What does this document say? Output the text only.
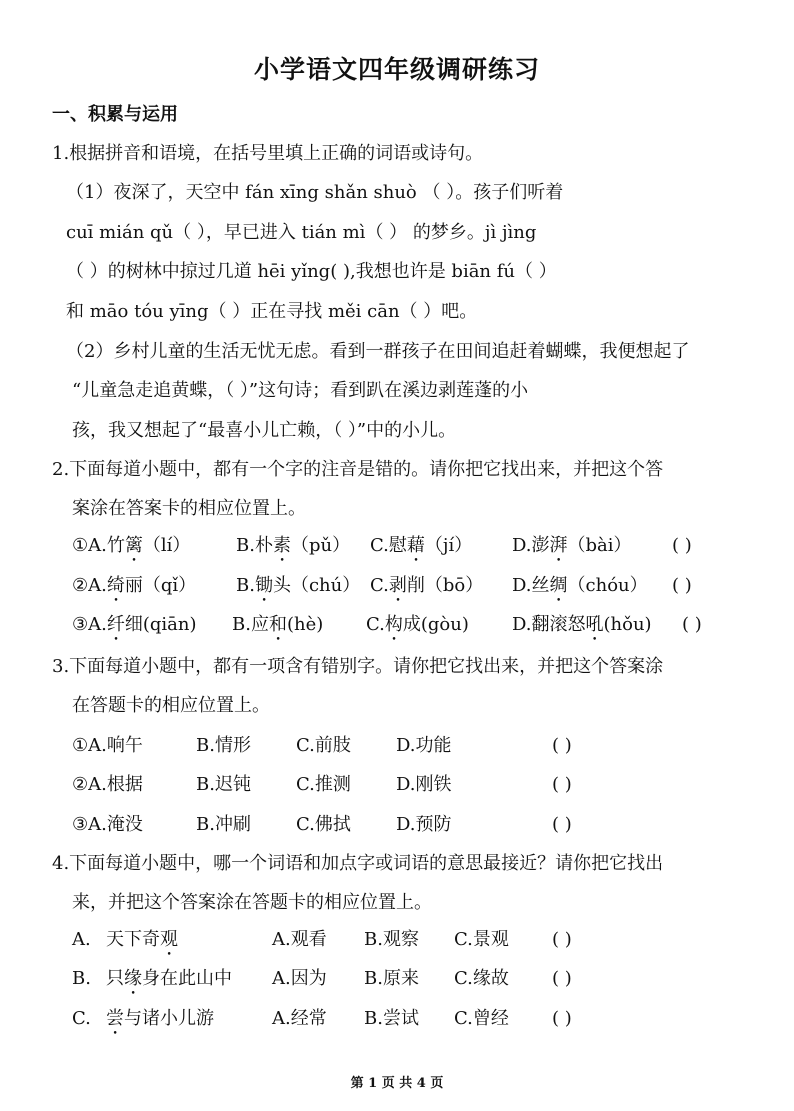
小学语文四年级调研练习
一、积累与运用
1.根据拼音和语境，在括号里填上正确的词语或诗句。
（1）夜深了，天空中 fán xīng shǎn shuò （ ）。孩子们听着
cuī mián qǔ（ ），早已进入 tián mì（ ） 的梦乡。jì jìng
（ ）的树林中掠过几道 hēi yǐng( ),我想也许是 biān fú（ ）
和 māo tóu yīng（ ）正在寻找 měi cān（ ）吧。
（2）乡村儿童的生活无忧无虑。看到一群孩子在田间追赶着蝴蝶，我便想起了
“儿童急走追黄蝶，（ ）”这句诗；看到趴在溪边剥莲蓬的小
孩，我又想起了“最喜小儿亡赖，（ ）”中的小儿。
2.下面每道小题中，都有一个字的注音是错的。请你把它找出来，并把这个答
案涂在答案卡的相应位置上。
①A.竹篱（lí）	B.朴素（pǔ） C.慰藉（jí） D.澎湃（bài） ( )
②A.绮丽（qǐ） B.锄头（chú） C.剥削（bō） D.丝绸（chóu） ( )
③A.纤细(qiān) B.应和(hè) C.构成(gòu) D.翻滚怒吼(hǒu) ( )
3.下面每道小题中，都有一项含有错别字。请你把它找出来，并把这个答案涂
在答题卡的相应位置上。
①A.响午	B.情形	C.前肢	D.功能	( )
②A.根据	B.迟钝	C.推测	D.刚铁	( )
③A.淹没	B.冲刷	C.佛拭	D.预防	( )
4.下面每道小题中，哪一个词语和加点字或词语的意思最接近？请你把它找出
来，并把这个答案涂在答题卡的相应位置上。
A. 天下奇观	A.观看 B.观察 C.景观 ( )
B. 只缘身在此山中 A.因为 B.原来 C.缘故 ( )
C. 尝与诸小儿游	A.经常 B.尝试 C.曾经 ( )
第 1 页 共 4 页
